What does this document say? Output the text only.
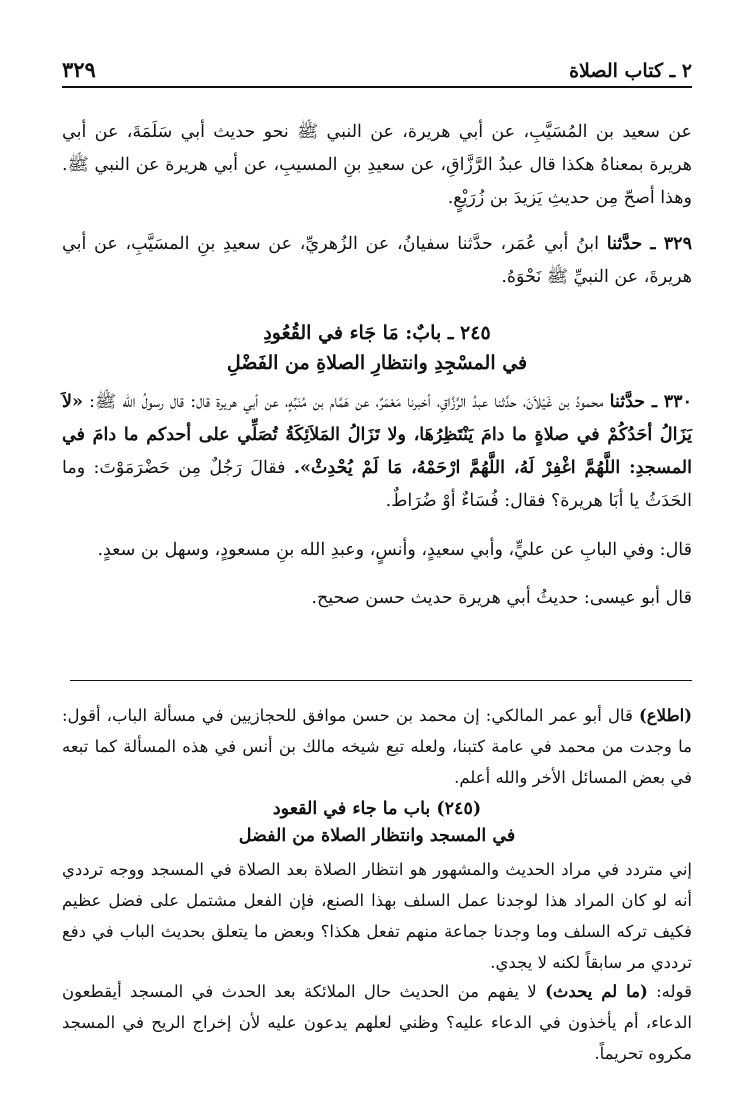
٣٢٩	٢ ـ كتاب الصلاة
عن سعيد بن المُسَيَّبِ، عن أبي هريرة، عن النبي ﷺ نحو حديث أبي سَلَمَةَ، عن أبي هريرة بمعناهُ هكذا قال عبدُ الرَّزَّاقِ، عن سعيدِ بنِ المسيبِ، عن أبي هريرة عن النبي ﷺ. وهذا أصحّ مِن حديثِ يَزيدَ بن زُرَيْعٍ.
٣٢٩ ـ حدَّثنا ابنُ أبي عُمَر، حدَّثنا سفيانُ، عن الزُهريِّ، عن سعيدِ بنِ المسَيَّبِ، عن أبي هريرةَ، عن النبيِّ ﷺ نَحْوَهُ.
٢٤٥ ـ بابٌ: مَا جَاء في القُعُودِ
في المسْجِدِ وانتظارِ الصلاةِ من الفَضْلِ
٣٣٠ ـ حدَّثنا محمودُ بن غَيْلاَنَ، حدَّثنا عبدُ الرَّزَّاقِ، أخبرنا مَعْمَرٌ، عن هَمَّام بن مُنَبِّهٍ، عن أبي هريرة قال: قال رسولُ الله ﷺ: «لاَ يَزَالُ أحَدُكُمْ في صلاةٍ ما دامَ يَنْتَظِرُهَا، ولا تَزَالُ المَلاَئِكَةُ تُصَلِّي على أحدكم ما دامَ في المسجدِ: اللَّهُمَّ اغْفِرْ لَهُ، اللَّهُمَّ ارْحَمْهُ، مَا لَمْ يُحْدِثْ». فقالَ رَجُلٌ مِن حَضْرَمَوْتَ: وما الحَدَثُ يا أبَا هريرة؟ فقال: فُسَاءٌ أوْ ضُرَاطٌ.
قال: وفي البابِ عن عليٍّ، وأبي سعيدٍ، وأنسٍ، وعبدِ الله بنِ مسعودٍ، وسهل بن سعدٍ.
قال أبو عيسى: حديثُ أبي هريرة حديث حسن صحيح.
(اطلاع) قال أبو عمر المالكي: إن محمد بن حسن موافق للحجازيين في مسألة الباب، أقول: ما وجدت من محمد في عامة كتبنا، ولعله تبع شيخه مالك بن أنس في هذه المسألة كما تبعه في بعض المسائل الأخر والله أعلم.
(٢٤٥) باب ما جاء في القعود
في المسجد وانتظار الصلاة من الفضل
إني متردد في مراد الحديث والمشهور هو انتظار الصلاة بعد الصلاة في المسجد ووجه ترددي أنه لو كان المراد هذا لوجدنا عمل السلف بهذا الصنع، فإن الفعل مشتمل على فضل عظيم فكيف تركه السلف وما وجدنا جماعة منهم تفعل هكذا؟ وبعض ما يتعلق بحديث الباب في دفع ترددي مر سابقاً لكنه لا يجدي.
قوله: (ما لم يحدث) لا يفهم من الحديث حال الملائكة بعد الحدث في المسجد أيقطعون الدعاء، أم يأخذون في الدعاء عليه؟ وظني لعلهم يدعون عليه لأن إخراج الريح في المسجد مكروه تحريماً.
